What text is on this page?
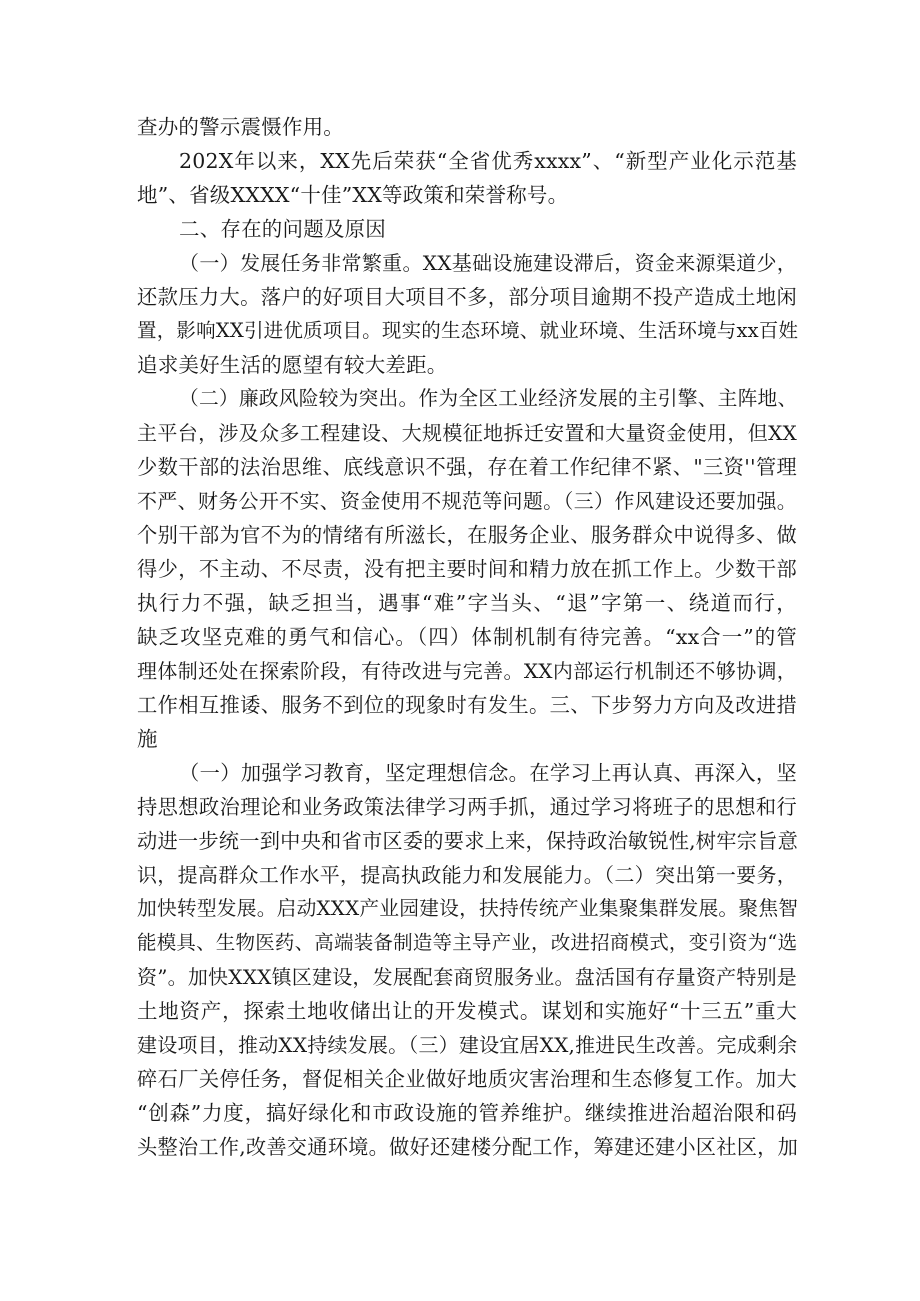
查办的警示震慑作用。
202X年以来，XX先后荣获“全省优秀xxxx”、“新型产业化示范基
地”、省级XXXX“十佳”XX等政策和荣誉称号。
二、存在的问题及原因
（一）发展任务非常繁重。XX基础设施建设滞后，资金来源渠道少，
还款压力大。落户的好项目大项目不多，部分项目逾期不投产造成土地闲
置，影响XX引进优质项目。现实的生态环境、就业环境、生活环境与xx百姓
追求美好生活的愿望有较大差距。
（二）廉政风险较为突出。作为全区工业经济发展的主引擎、主阵地、
主平台，涉及众多工程建设、大规模征地拆迁安置和大量资金使用，但XX
少数干部的法治思维、底线意识不强，存在着工作纪律不紧、"三资''管理
不严、财务公开不实、资金使用不规范等问题。（三）作风建设还要加强。
个别干部为官不为的情绪有所滋长，在服务企业、服务群众中说得多、做
得少，不主动、不尽责，没有把主要时间和精力放在抓工作上。少数干部
执行力不强，缺乏担当，遇事“难”字当头、“退”字第一、绕道而行，
缺乏攻坚克难的勇气和信心。（四）体制机制有待完善。“xx合一”的管
理体制还处在探索阶段，有待改进与完善。XX内部运行机制还不够协调，
工作相互推诿、服务不到位的现象时有发生。三、下步努力方向及改进措
施
（一）加强学习教育，坚定理想信念。在学习上再认真、再深入，坚
持思想政治理论和业务政策法律学习两手抓，通过学习将班子的思想和行
动进一步统一到中央和省市区委的要求上来，保持政治敏锐性,树牢宗旨意
识，提高群众工作水平，提高执政能力和发展能力。（二）突出第一要务，
加快转型发展。启动XXX产业园建设，扶持传统产业集聚集群发展。聚焦智
能模具、生物医药、高端装备制造等主导产业，改进招商模式，变引资为“选
资”。加快XXX镇区建设，发展配套商贸服务业。盘活国有存量资产特别是
土地资产，探索土地收储出让的开发模式。谋划和实施好“十三五”重大
建设项目，推动XX持续发展。（三）建设宜居XX,推进民生改善。完成剩余
碎石厂关停任务，督促相关企业做好地质灾害治理和生态修复工作。加大
“创森”力度，搞好绿化和市政设施的管养维护。继续推进治超治限和码
头整治工作,改善交通环境。做好还建楼分配工作，筹建还建小区社区，加
